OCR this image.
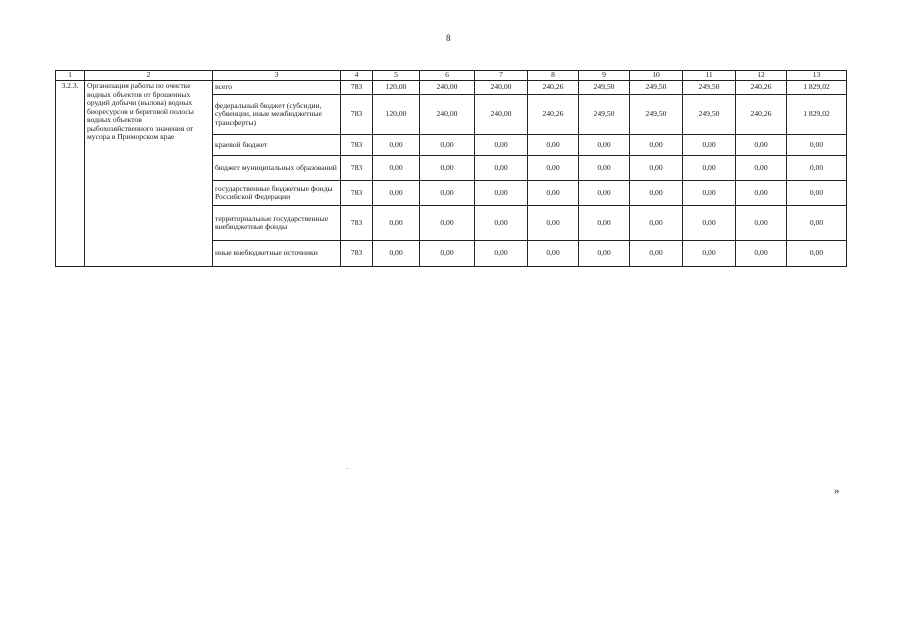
8
1	2	3	4	5	6	7	8	9	10	11	12	13
3.2.3.	Организация работы по очистке водных объектов от брошенных орудий добычи (вылова) водных биоресурсов и береговой полосы водных объектов рыбохозяйственного значения от мусора в Приморском крае	всего	783	120,00	240,00	240,00	240,26	249,50	249,50	249,50	240,26	1 829,02
		федеральный бюджет (субсидии, субвенции, иные межбюджетные трансферты)	783	120,00	240,00	240,00	240,26	249,50	249,50	249,50	240,26	1 829,02
		краевой бюджет	783	0,00	0,00	0,00	0,00	0,00	0,00	0,00	0,00	0,00
		бюджет муниципальных образований	783	0,00	0,00	0,00	0,00	0,00	0,00	0,00	0,00	0,00
		государственные бюджетные фонды Российской Федерации	783	0,00	0,00	0,00	0,00	0,00	0,00	0,00	0,00	0,00
		территориальные государственные внебюджетные фонды	783	0,00	0,00	0,00	0,00	0,00	0,00	0,00	0,00	0,00
		иные внебюджетные источники	783	0,00	0,00	0,00	0,00	0,00	0,00	0,00	0,00	0,00
»
